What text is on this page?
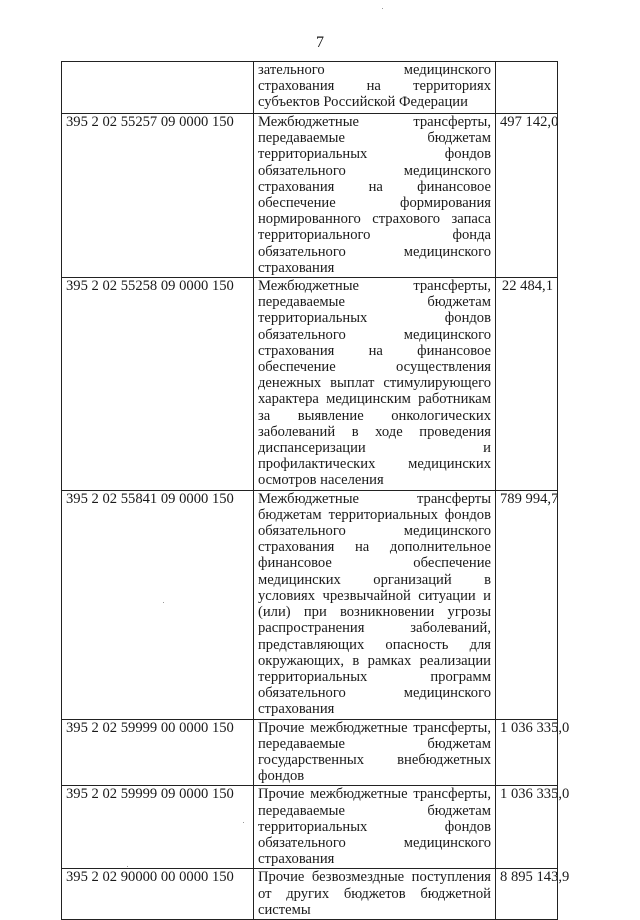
7
	зательного медицинского страхования на территориях субъектов Российской Федерации	
395 2 02 55257 09 0000 150	Межбюджетные трансферты, передаваемые бюджетам территориальных фондов обязательного медицинского страхования на финансовое обеспечение формирования нормированного страхового запаса территориального фонда обязательного медицинского страхования	497 142,0
395 2 02 55258 09 0000 150	Межбюджетные трансферты, передаваемые бюджетам территориальных фондов обязательного медицинского страхования на финансовое обеспечение осуществления денежных выплат стимулирующего характера медицинским работникам за выявление онкологических заболеваний в ходе проведения диспансеризации и профилактических медицинских осмотров населения	22 484,1
395 2 02 55841 09 0000 150	Межбюджетные трансферты бюджетам территориальных фондов обязательного медицинского страхования на дополнительное финансовое обеспечение медицинских организаций в условиях чрезвычайной ситуации и (или) при возникновении угрозы распространения заболеваний, представляющих опасность для окружающих, в рамках реализации территориальных программ обязательного медицинского страхования	789 994,7
395 2 02 59999 00 0000 150	Прочие межбюджетные трансферты, передаваемые бюджетам государственных внебюджетных фондов	1 036 335,0
395 2 02 59999 09 0000 150	Прочие межбюджетные трансферты, передаваемые бюджетам территориальных фондов обязательного медицинского страхования	1 036 335,0
395 2 02 90000 00 0000 150	Прочие безвозмездные поступления от других бюджетов бюджетной системы	8 895 143,9
